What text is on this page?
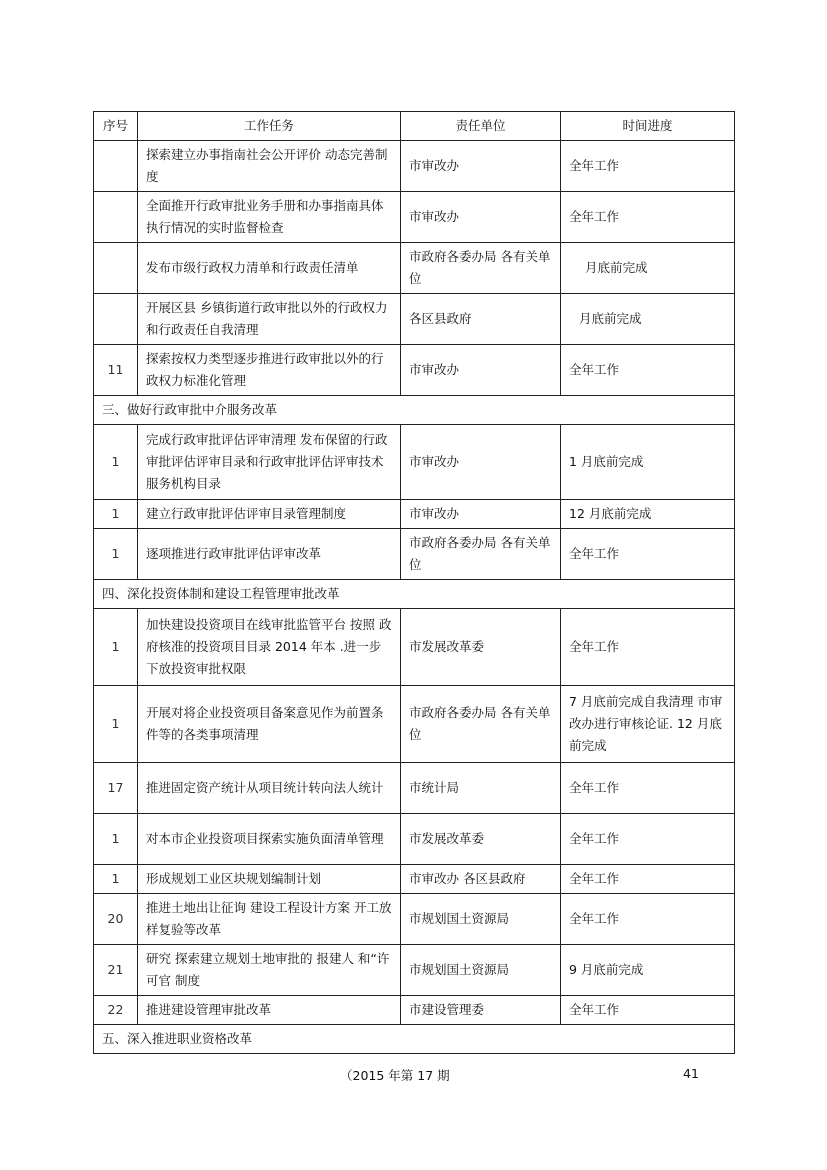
序号	工作任务	责任单位	时间进度
	探索建立办事指南社会公开评价 动态完善制度	市审改办	全年工作
	全面推开行政审批业务手册和办事指南具体执行情况的实时监督检查	市审改办	全年工作
	发布市级行政权力清单和行政责任清单	市政府各委办局 各有关单位	月底前完成
	开展区县 乡镇街道行政审批以外的行政权力和行政责任自我清理	各区县政府	月底前完成
11	探索按权力类型逐步推进行政审批以外的行政权力标准化管理	市审改办	全年工作
三、做好行政审批中介服务改革			
1	完成行政审批评估评审清理 发布保留的行政审批评估评审目录和行政审批评估评审技术服务机构目录	市审改办	1 月底前完成
1	建立行政审批评估评审目录管理制度	市审改办	12 月底前完成
1	逐项推进行政审批评估评审改革	市政府各委办局 各有关单位	全年工作
四、深化投资体制和建设工程管理审批改革			
1	加快建设投资项目在线审批监管平台 按照 政府核准的投资项目目录 2014 年本 .进一步下放投资审批权限	市发展改革委	全年工作
1	开展对将企业投资项目备案意见作为前置条件等的各类事项清理	市政府各委办局 各有关单位	7 月底前完成自我清理 市审改办进行审核论证. 12 月底前完成
17	推进固定资产统计从项目统计转向法人统计	市统计局	全年工作
1	对本市企业投资项目探索实施负面清单管理	市发展改革委	全年工作
1	形成规划工业区块规划编制计划	市审改办 各区县政府	全年工作
20	推进土地出让征询 建设工程设计方案 开工放样复验等改革	市规划国土资源局	全年工作
21	研究 探索建立规划土地审批的 报建人 和“许可官 制度	市规划国土资源局	9 月底前完成
22	推进建设管理审批改革	市建设管理委	全年工作
五、深入推进职业资格改革			
（2015 年第 17 期	41
